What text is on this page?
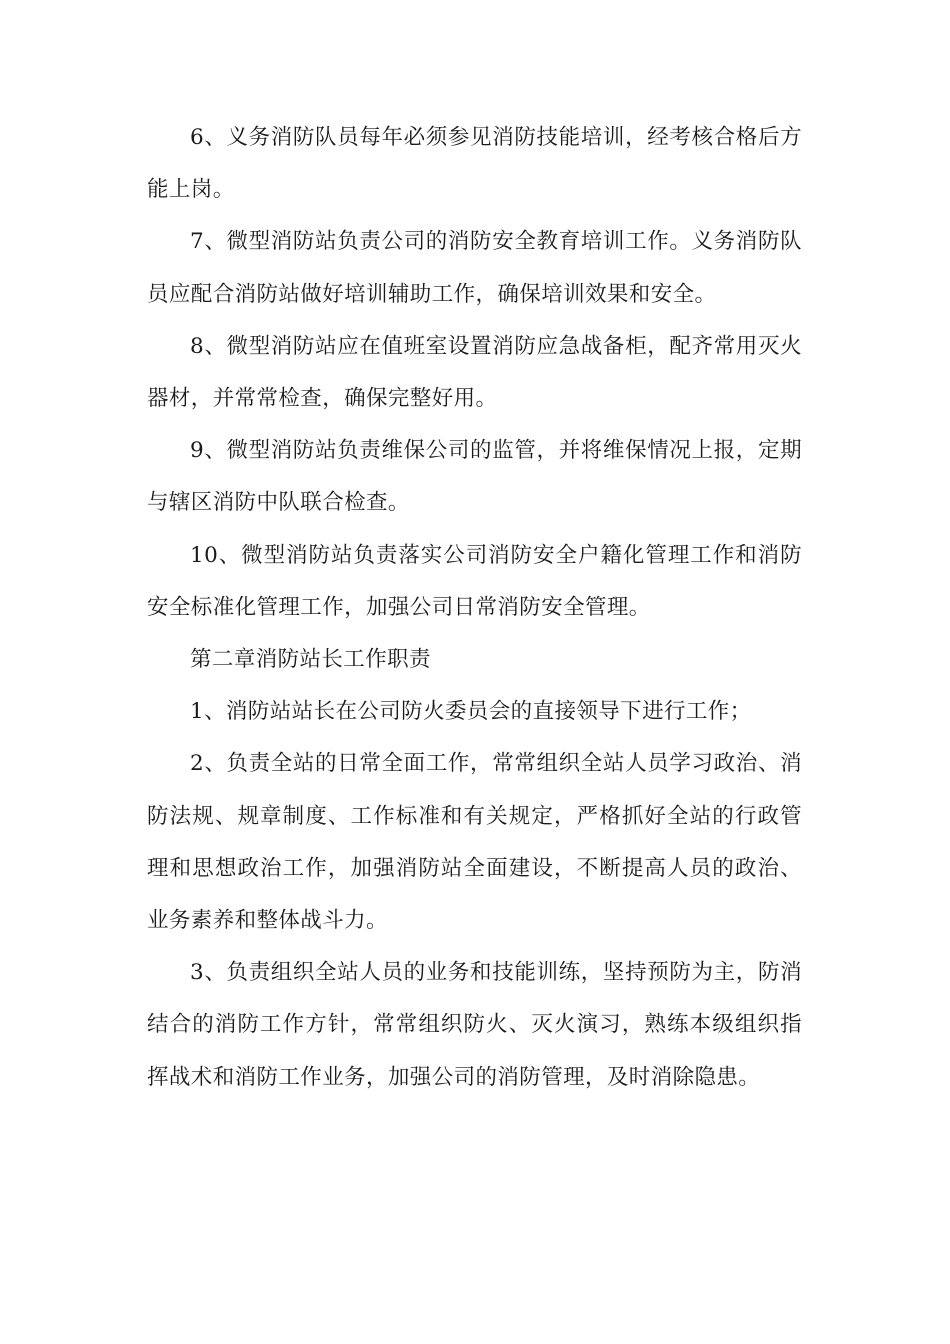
6、义务消防队员每年必须参见消防技能培训，经考核合格后方能上岗。

7、微型消防站负责公司的消防安全教育培训工作。义务消防队员应配合消防站做好培训辅助工作，确保培训效果和安全。

8、微型消防站应在值班室设置消防应急战备柜，配齐常用灭火器材，并常常检查，确保完整好用。

9、微型消防站负责维保公司的监管，并将维保情况上报，定期与辖区消防中队联合检查。

10、微型消防站负责落实公司消防安全户籍化管理工作和消防安全标准化管理工作，加强公司日常消防安全管理。

第二章消防站长工作职责

1、消防站站长在公司防火委员会的直接领导下进行工作；

2、负责全站的日常全面工作，常常组织全站人员学习政治、消防法规、规章制度、工作标准和有关规定，严格抓好全站的行政管理和思想政治工作，加强消防站全面建设，不断提高人员的政治、业务素养和整体战斗力。

3、负责组织全站人员的业务和技能训练，坚持预防为主，防消结合的消防工作方针，常常组织防火、灭火演习，熟练本级组织指挥战术和消防工作业务，加强公司的消防管理，及时消除隐患。
